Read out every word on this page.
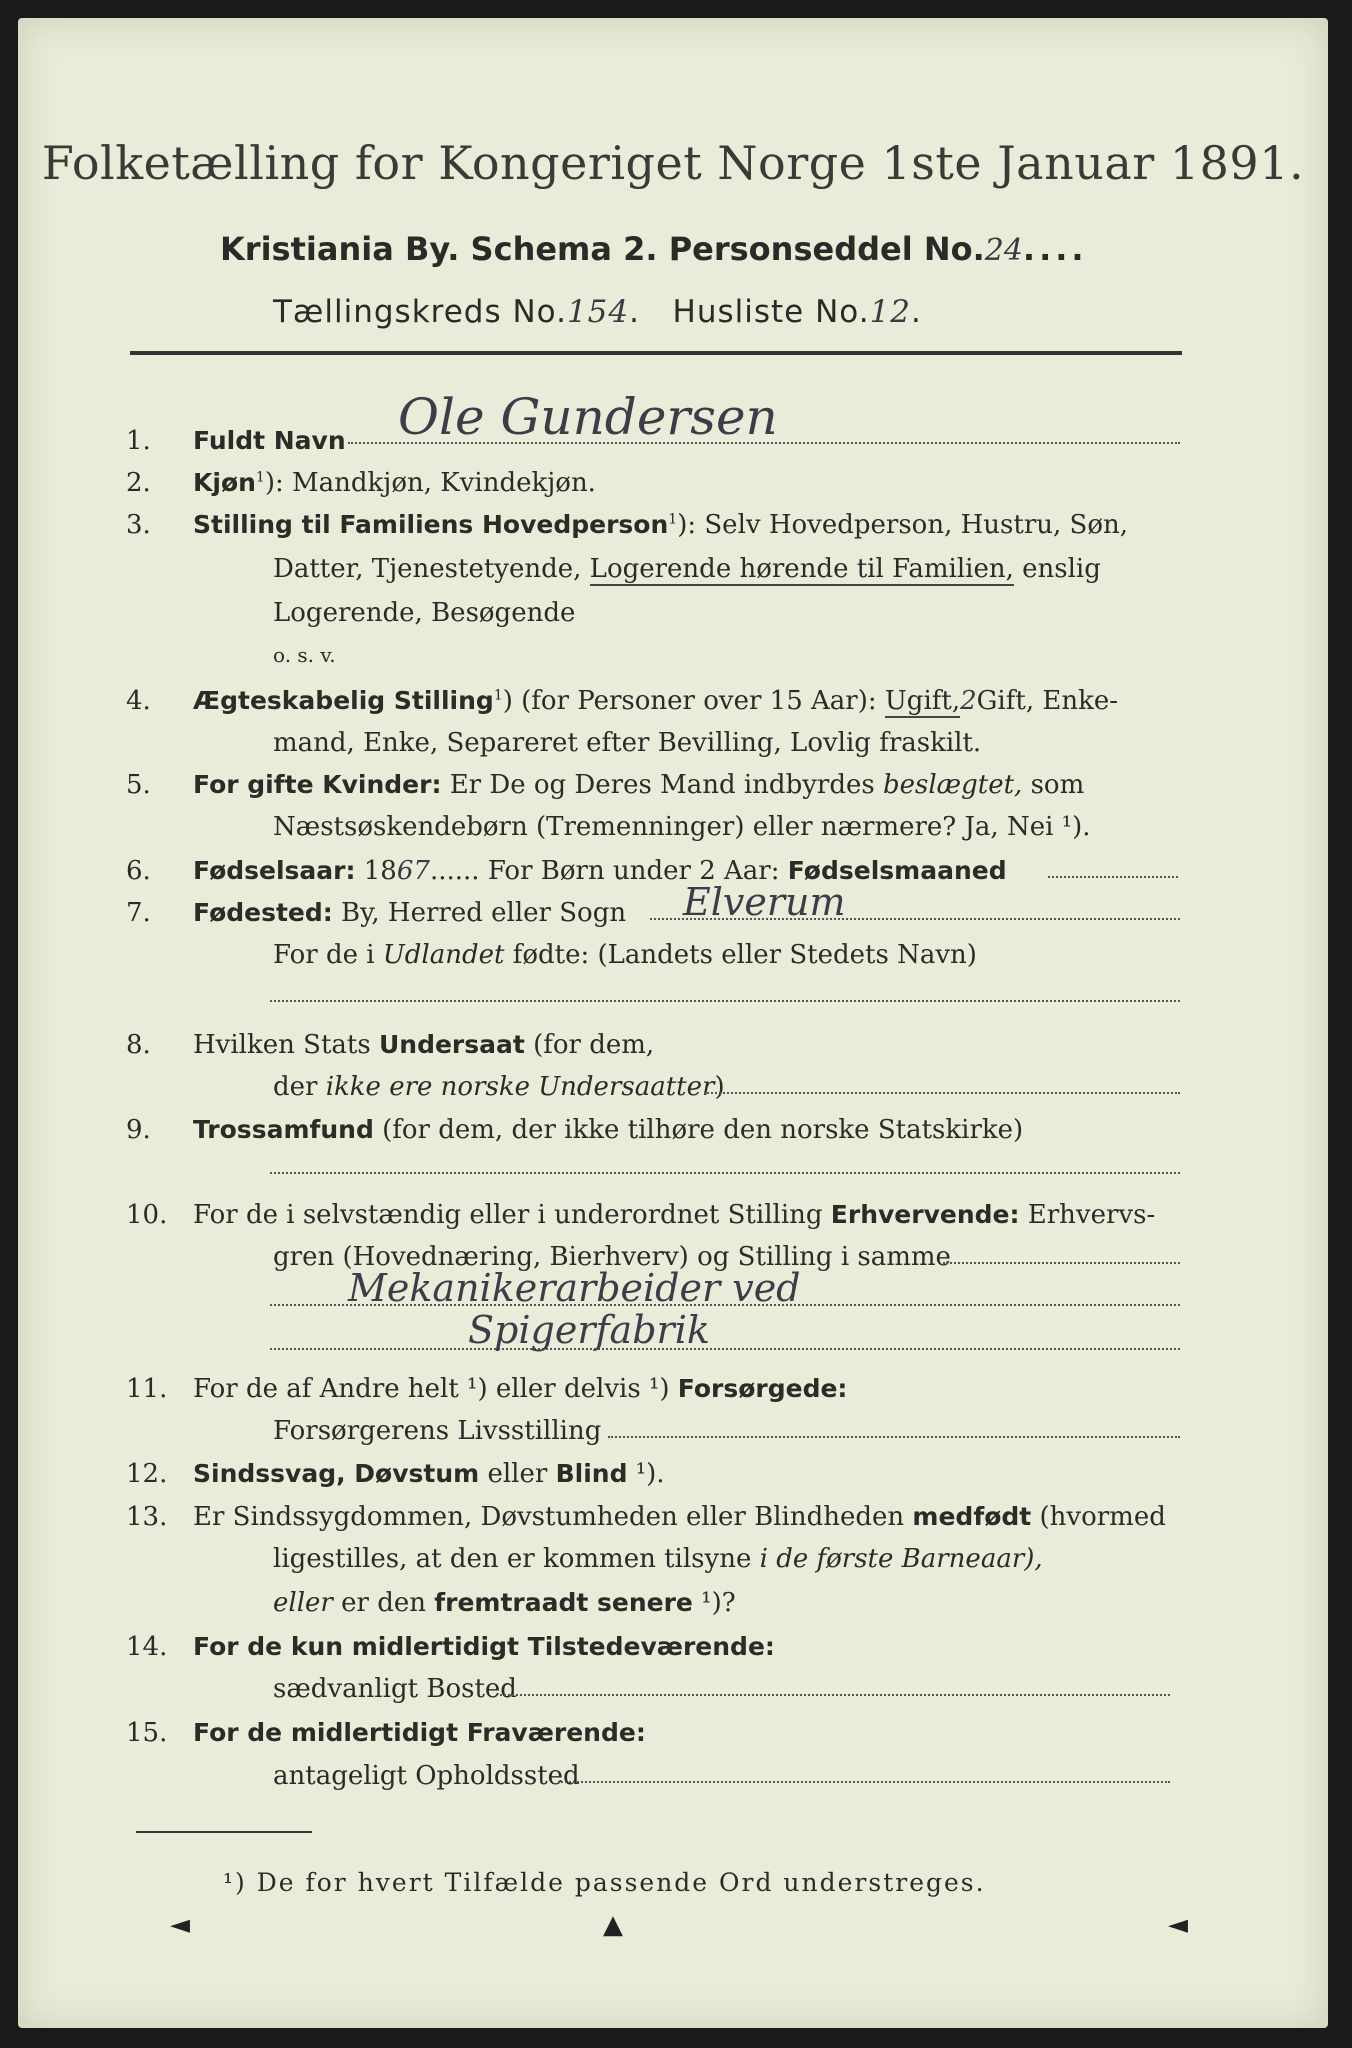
Folketælling for Kongeriget Norge 1ste Januar 1891.
Kristiania By. Schema 2. Personseddel No.24....
Tællingskreds No.154.   Husliste No.12.
1.	Fuldt Navn Ole Gundersen
2.	Kjøn$^1$): Mandkjøn, Kvindekjøn.
3.	Stilling til Familiens Hovedperson$^1$): Selv Hovedperson, Hustru, Søn,
Datter, Tjenestetyende, Logerende hørende til Familien, enslig
Logerende, Besøgende
o. s. v.
4.	Ægteskabelig Stilling$^1$) (for Personer over 15 Aar): Ugift,2Gift, Enke-
mand, Enke, Separeret efter Bevilling, Lovlig fraskilt.
5.	For gifte Kvinder: Er De og Deres Mand indbyrdes beslægtet, som
Næstsøskendebørn (Tremenninger) eller nærmere? Ja, Nei ¹).
6.	Fødselsaar: 1867...... For Børn under 2 Aar: Fødselsmaaned
7.	Fødested: By, Herred eller Sogn Elverum
For de i Udlandet fødte: (Landets eller Stedets Navn)
8.	Hvilken Stats Undersaat (for dem,
der ikke ere norske Undersaatter)
9.	Trossamfund (for dem, der ikke tilhøre den norske Statskirke)
10. For de i selvstændig eller i underordnet Stilling Erhvervende: Erhvervs-
gren (Hovednæring, Bierhverv) og Stilling i samme
Mekanikerarbeider ved
Spigerfabrik
11. For de af Andre helt ¹) eller delvis ¹) Forsørgede:
Forsørgerens Livsstilling
12.	Sindssvag, Døvstum eller Blind ¹).
13. Er Sindssygdommen, Døvstumheden eller Blindheden medfødt (hvormed
ligestilles, at den er kommen tilsyne i de første Barneaar),
eller er den fremtraadt senere ¹)?
14.	For de kun midlertidigt Tilstedeværende:
sædvanligt Bosted
15.	For de midlertidigt Fraværende:
antageligt Opholdssted
¹) De for hvert Tilfælde passende Ord understreges.
◄	▲	◄
